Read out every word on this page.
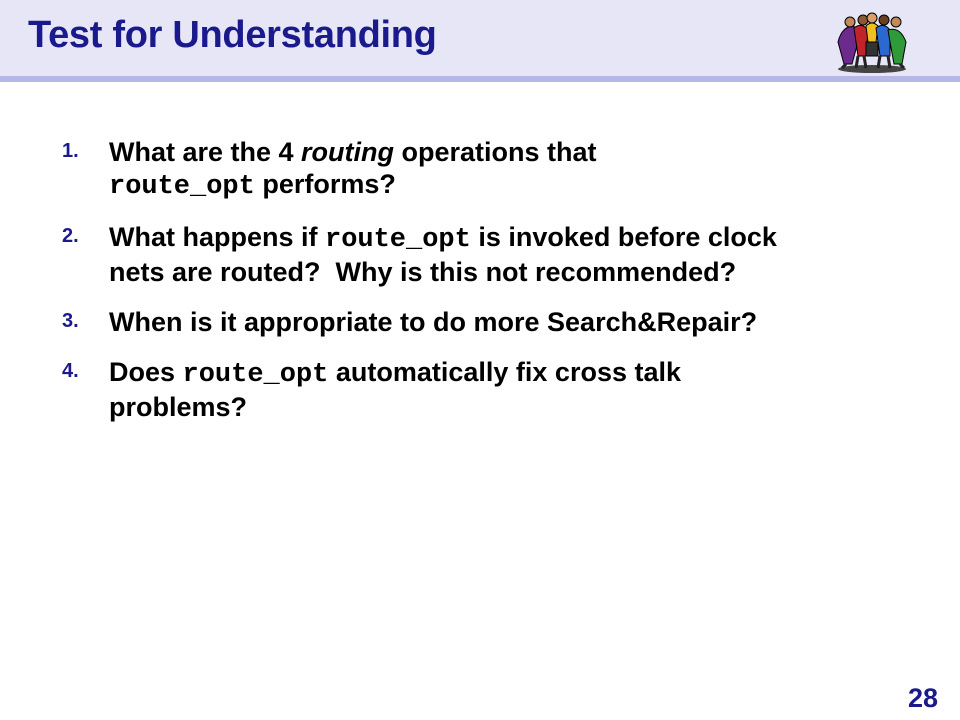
Test for Understanding
1. What are the 4 routing operations that
route_opt performs?
2. What happens if route_opt is invoked before clock
nets are routed?  Why is this not recommended?
3. When is it appropriate to do more Search&Repair?
4. Does route_opt automatically fix cross talk
problems?
28
